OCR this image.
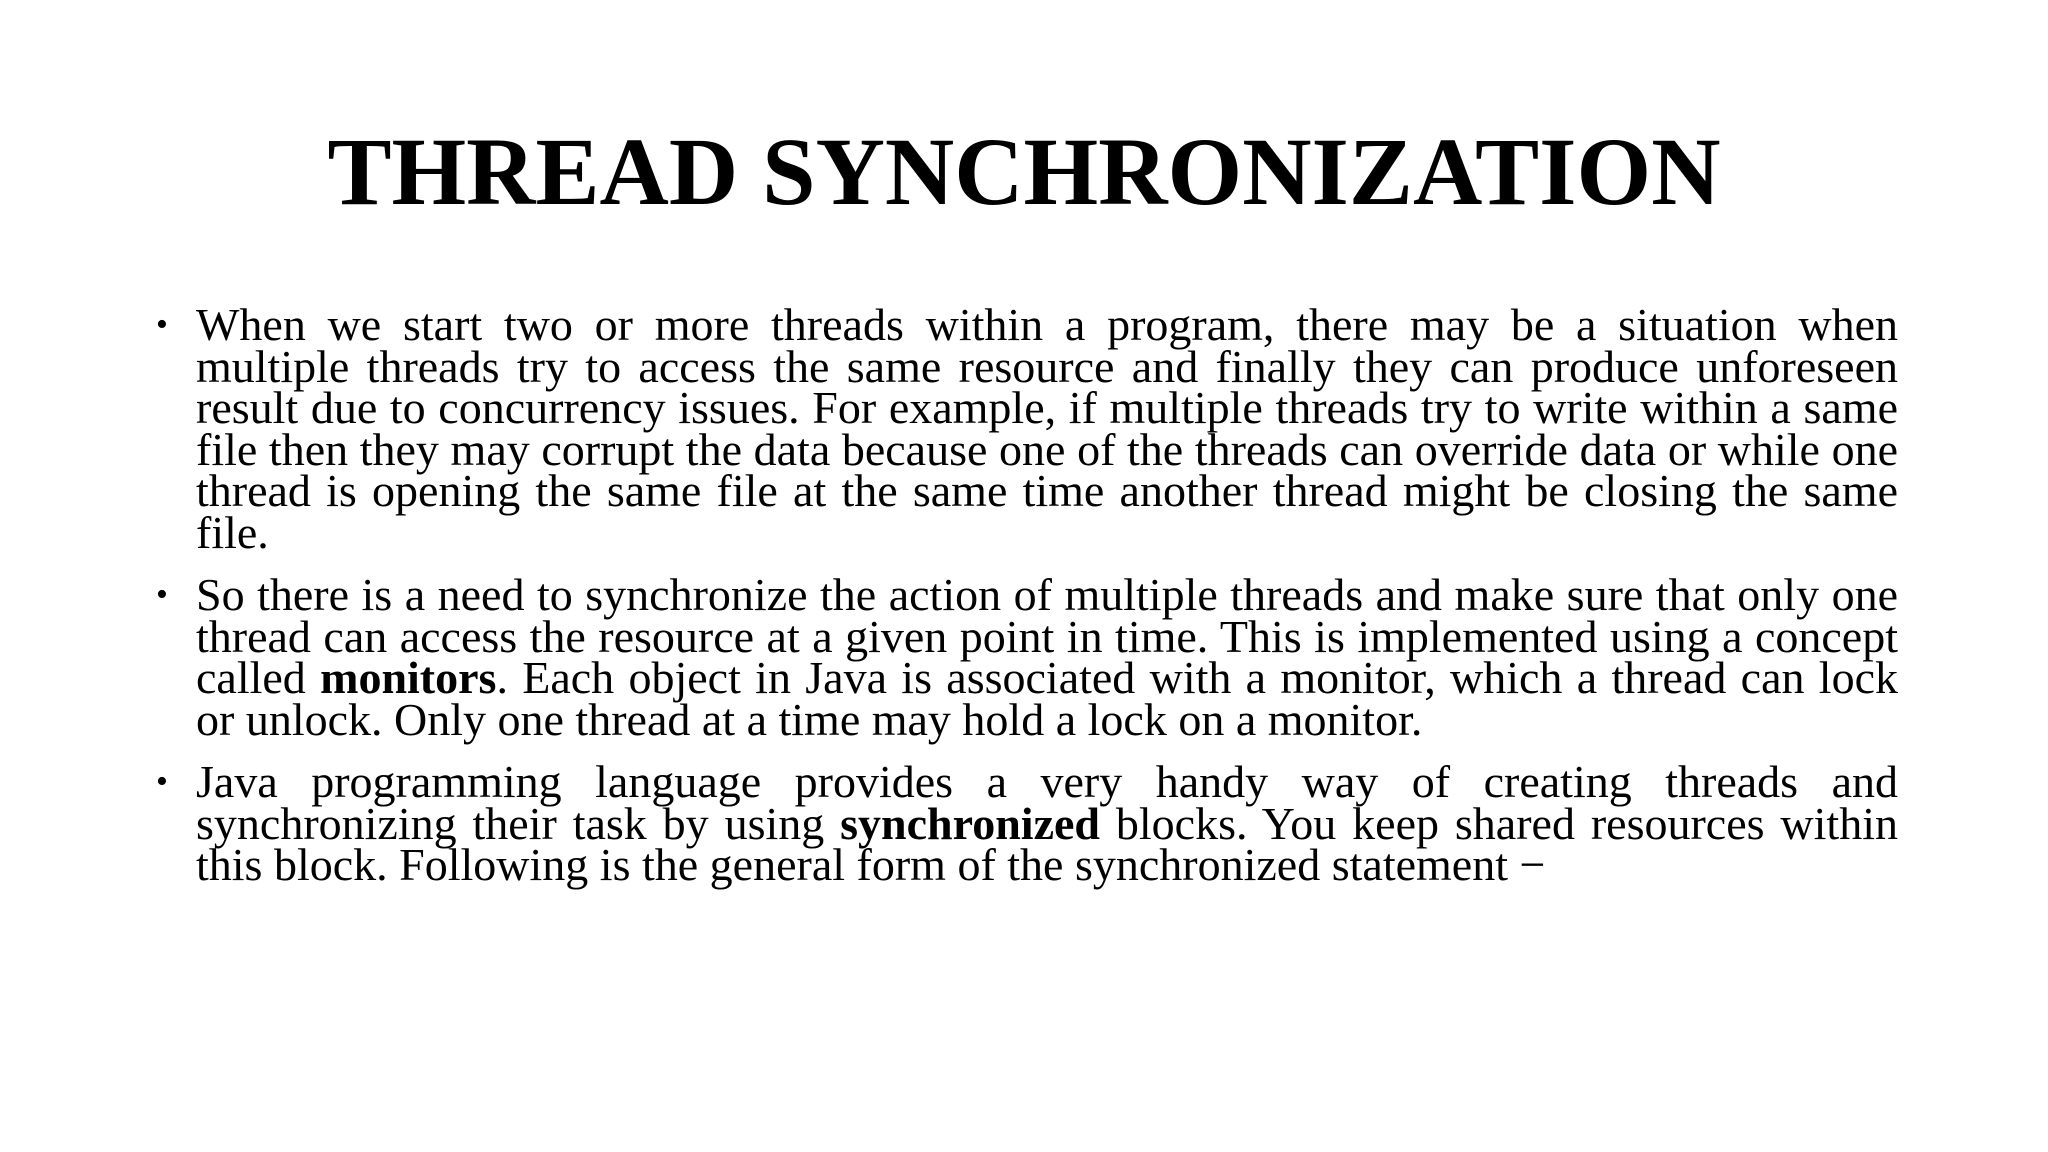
THREAD SYNCHRONIZATION
• When we start two or more threads within a program, there may be a situation when multiple threads try to access the same resource and finally they can produce unforeseen result due to concurrency issues. For example, if multiple threads try to write within a same file then they may corrupt the data because one of the threads can override data or while one thread is opening the same file at the same time another thread might be closing the same file.
• So there is a need to synchronize the action of multiple threads and make sure that only one thread can access the resource at a given point in time. This is implemented using a concept called monitors. Each object in Java is associated with a monitor, which a thread can lock or unlock. Only one thread at a time may hold a lock on a monitor.
• Java programming language provides a very handy way of creating threads and synchronizing their task by using synchronized blocks. You keep shared resources within this block. Following is the general form of the synchronized statement −
